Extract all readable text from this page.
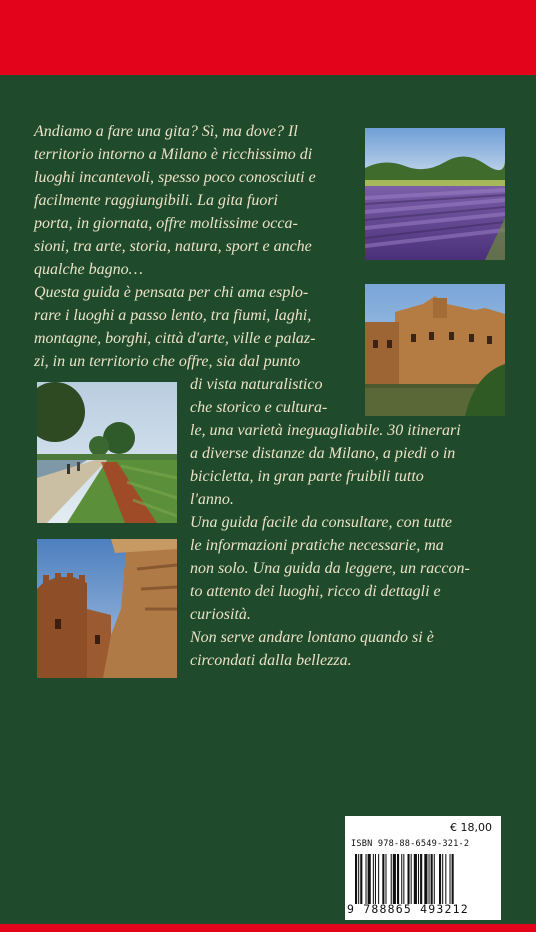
Andiamo a fare una gita? Sì, ma dove? Il
territorio intorno a Milano è ricchissimo di
luoghi incantevoli, spesso poco conosciuti e
facilmente raggiungibili. La gita fuori
porta, in giornata, offre moltissime occa-
sioni, tra arte, storia, natura, sport e anche
qualche bagno…

Questa guida è pensata per chi ama esplo-
rare i luoghi a passo lento, tra fiumi, laghi,
montagne, borghi, città d'arte, ville e palaz-
zi, in un territorio che offre, sia dal punto

di vista naturalistico
che storico e cultura-

le, una varietà ineguagliabile. 30 itinerari
a diverse distanze da Milano, a piedi o in
bicicletta, in gran parte fruibili tutto
l'anno.

Una guida facile da consultare, con tutte
le informazioni pratiche necessarie, ma
non solo. Una guida da leggere, un raccon-
to attento dei luoghi, ricco di dettagli e
curiosità.

Non serve andare lontano quando si è
circondati dalla bellezza.

€ 18,00
ISBN 978-88-6549-321-2
9 788865 493212
